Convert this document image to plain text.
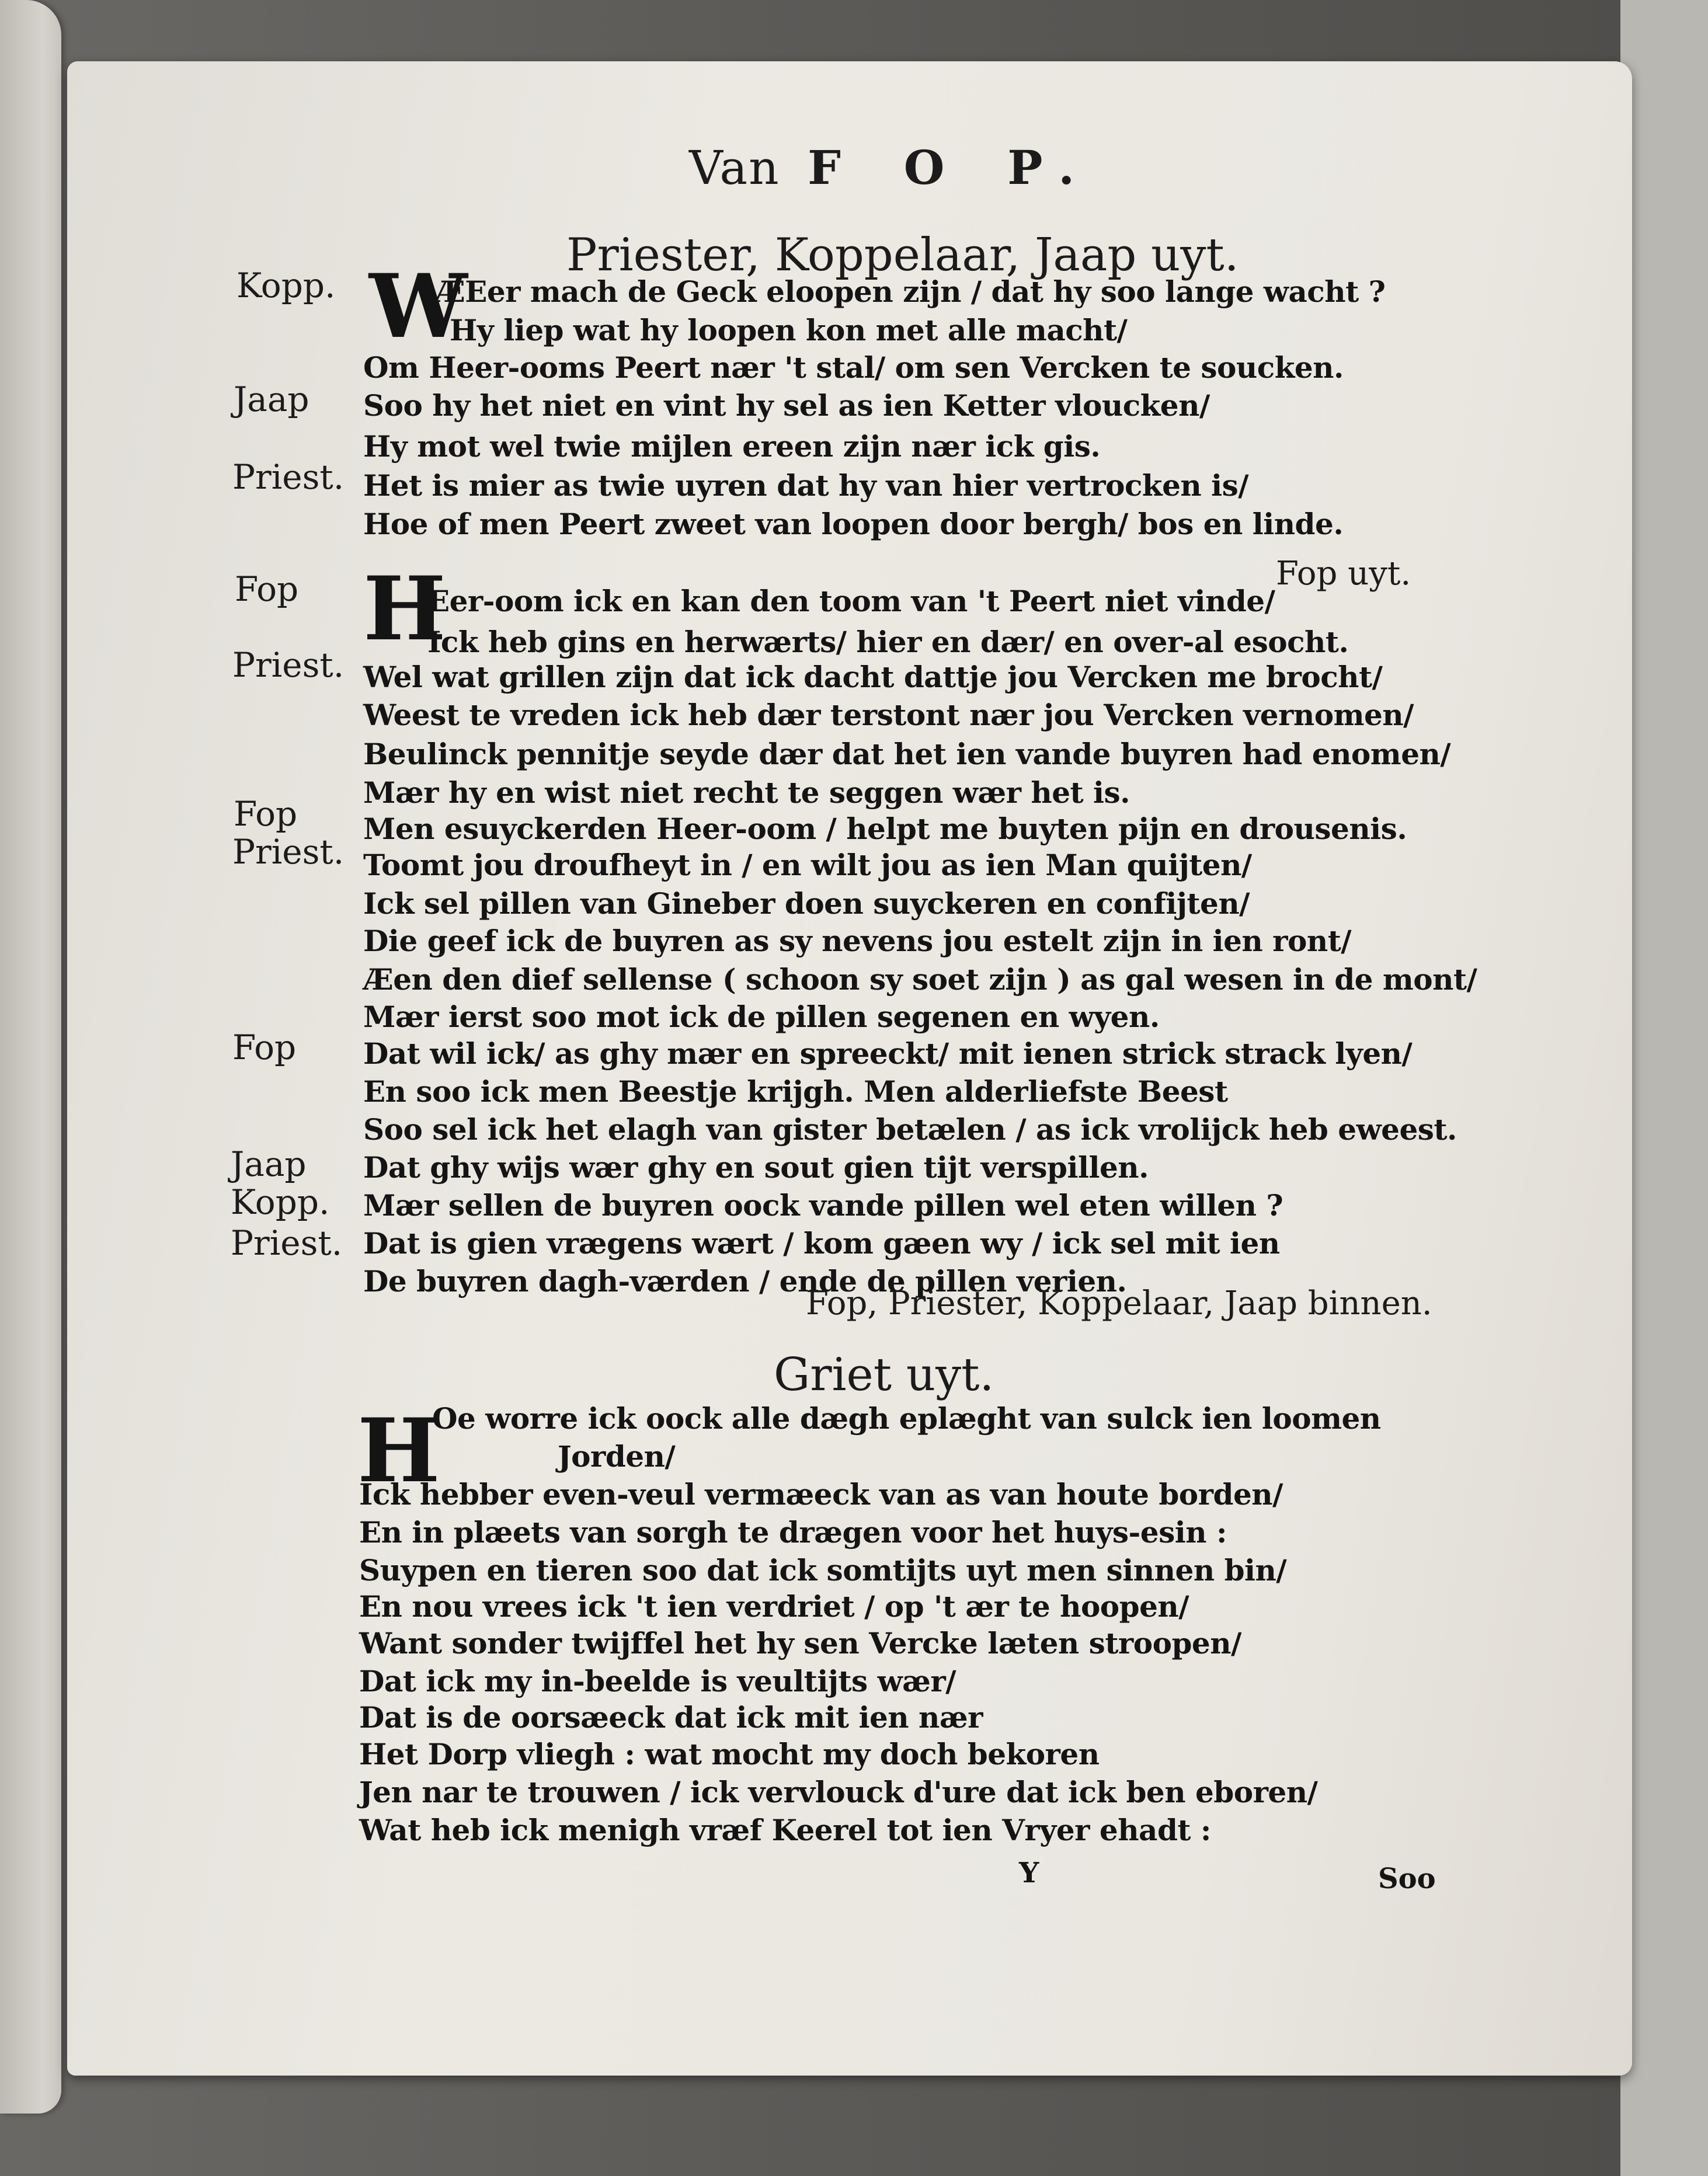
Van F O P.
Priester, Koppelaar, Jaap uyt.
W
Kopp.	ÆEer mach de Geck eloopen zijn / dat hy soo lange wacht ?
Hy liep wat hy loopen kon met alle macht/
Om Heer-ooms Peert nær 't stal/ om sen Vercken te soucken.
Jaap Soo hy het niet en vint hy sel as ien Ketter vloucken/
Hy mot wel twie mijlen ereen zijn nær ick gis.
Priest. Het is mier as twie uyren dat hy van hier vertrocken is/
Hoe of men Peert zweet van loopen door bergh/ bos en linde.
Fop uyt.
H
Fop	Eer-oom ick en kan den toom van 't Peert niet vinde/
Ick heb gins en herwærts/ hier en dær/ en over-al esocht.
Priest. Wel wat grillen zijn dat ick dacht dattje jou Vercken me brocht/
Weest te vreden ick heb dær terstont nær jou Vercken vernomen/
Beulinck pennitje seyde dær dat het ien vande buyren had enomen/
Mær hy en wist niet recht te seggen wær het is.
Fop Men esuyckerden Heer-oom / helpt me buyten pijn en drousenis.
Priest. Toomt jou droufheyt in / en wilt jou as ien Man quijten/
Ick sel pillen van Gineber doen suyckeren en confijten/
Die geef ick de buyren as sy nevens jou estelt zijn in ien ront/
Æen den dief sellense ( schoon sy soet zijn ) as gal wesen in de mont/
Mær ierst soo mot ick de pillen segenen en wyen.
Fop Dat wil ick/ as ghy mær en spreeckt/ mit ienen strick strack lyen/
En soo ick men Beestje krijgh. Men alderliefste Beest
Soo sel ick het elagh van gister betælen / as ick vrolijck heb eweest.
Jaap Dat ghy wijs wær ghy en sout gien tijt verspillen.
Kopp. Mær sellen de buyren oock vande pillen wel eten willen ?
Priest. Dat is gien vrægens wært / kom gæen wy / ick sel mit ien
De buyren dagh-værden / ende de pillen verien.
Fop, Priester, Koppelaar, Jaap binnen.
Griet uyt.
H
Oe worre ick oock alle dægh eplæght van sulck ien loomen
Jorden/
Ick hebber even-veul vermæeck van as van houte borden/
En in plæets van sorgh te drægen voor het huys-esin :
Suypen en tieren soo dat ick somtijts uyt men sinnen bin/
En nou vrees ick 't ien verdriet / op 't ær te hoopen/
Want sonder twijffel het hy sen Vercke læten stroopen/
Dat ick my in-beelde is veultijts wær/
Dat is de oorsæeck dat ick mit ien nær
Het Dorp vliegh : wat mocht my doch bekoren
Jen nar te trouwen / ick vervlouck d'ure dat ick ben eboren/
Wat heb ick menigh vræf Keerel tot ien Vryer ehadt :
Y	Soo
